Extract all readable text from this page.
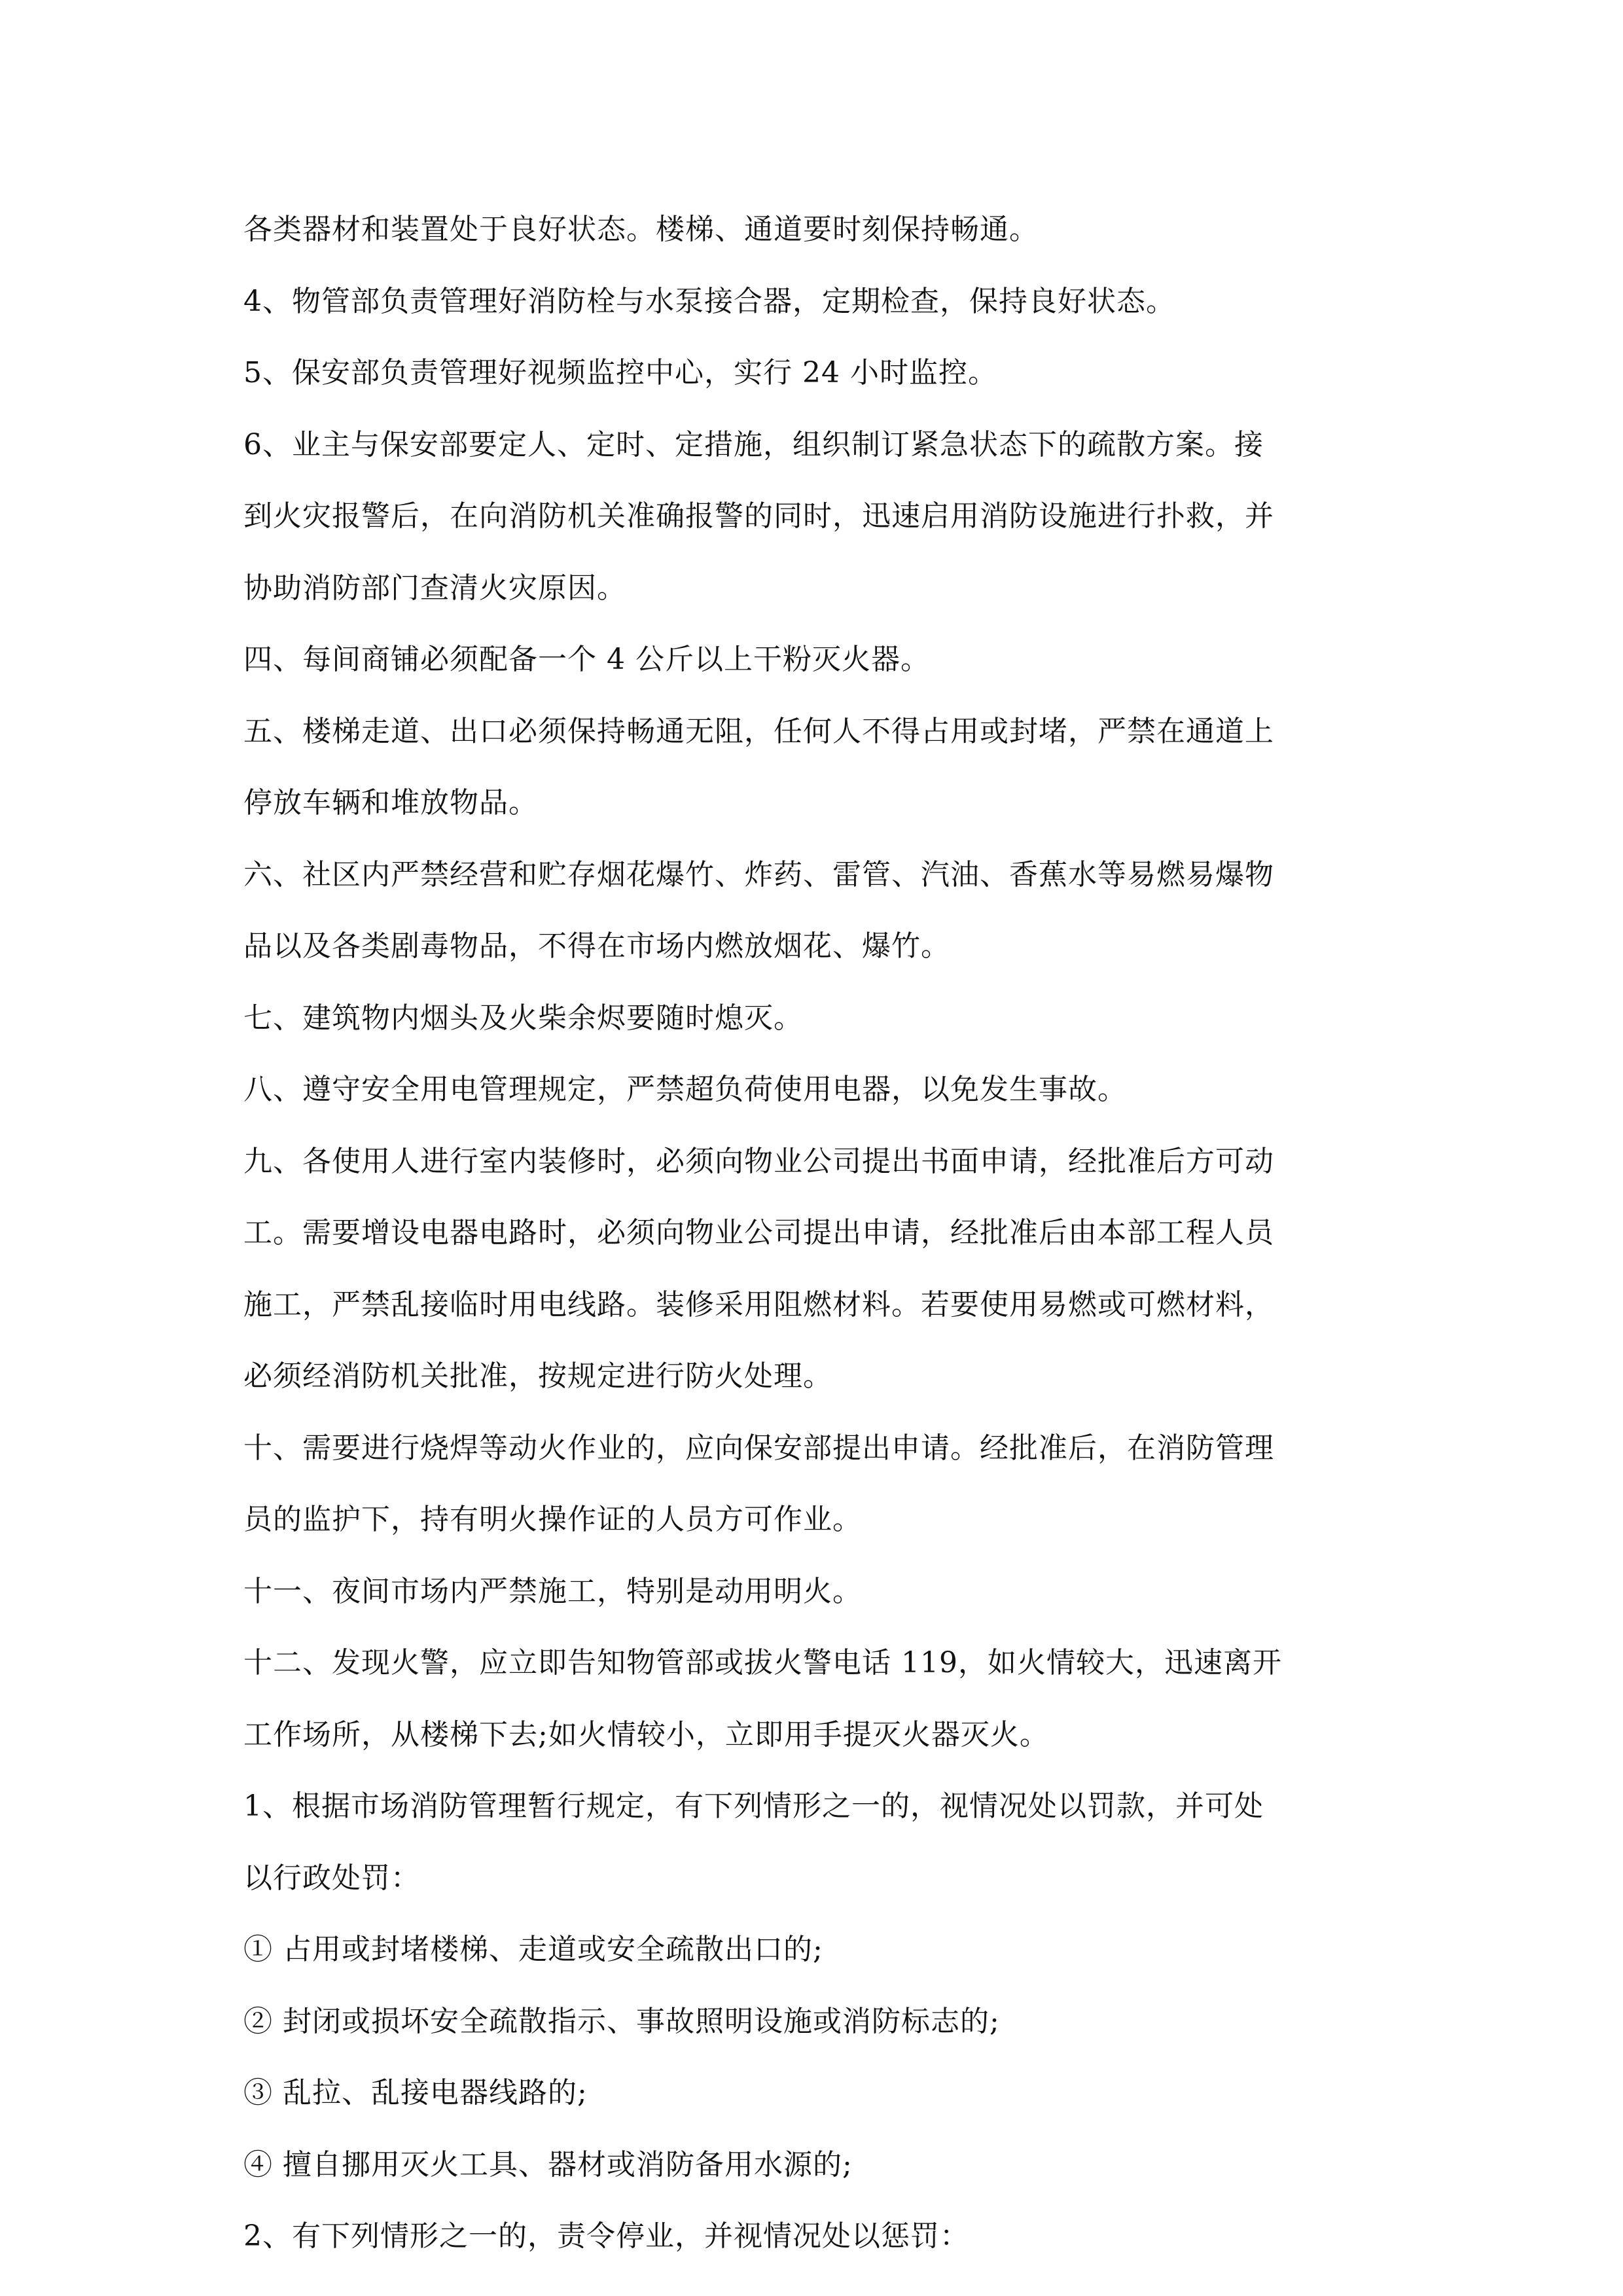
各类器材和装置处于良好状态。楼梯、通道要时刻保持畅通。
4、物管部负责管理好消防栓与水泵接合器，定期检查，保持良好状态。
5、保安部负责管理好视频监控中心，实行 24 小时监控。
6、业主与保安部要定人、定时、定措施，组织制订紧急状态下的疏散方案。接
到火灾报警后，在向消防机关准确报警的同时，迅速启用消防设施进行扑救，并
协助消防部门查清火灾原因。
四、每间商铺必须配备一个 4 公斤以上干粉灭火器。
五、楼梯走道、出口必须保持畅通无阻，任何人不得占用或封堵，严禁在通道上
停放车辆和堆放物品。
六、社区内严禁经营和贮存烟花爆竹、炸药、雷管、汽油、香蕉水等易燃易爆物
品以及各类剧毒物品，不得在市场内燃放烟花、爆竹。
七、建筑物内烟头及火柴余烬要随时熄灭。
八、遵守安全用电管理规定，严禁超负荷使用电器，以免发生事故。
九、各使用人进行室内装修时，必须向物业公司提出书面申请，经批准后方可动
工。需要增设电器电路时，必须向物业公司提出申请，经批准后由本部工程人员
施工，严禁乱接临时用电线路。装修采用阻燃材料。若要使用易燃或可燃材料，
必须经消防机关批准，按规定进行防火处理。
十、需要进行烧焊等动火作业的，应向保安部提出申请。经批准后，在消防管理
员的监护下，持有明火操作证的人员方可作业。
十一、夜间市场内严禁施工，特别是动用明火。
十二、发现火警，应立即告知物管部或拔火警电话 119，如火情较大，迅速离开
工作场所，从楼梯下去;如火情较小，立即用手提灭火器灭火。
1、根据市场消防管理暂行规定，有下列情形之一的，视情况处以罚款，并可处
以行政处罚：
① 占用或封堵楼梯、走道或安全疏散出口的;
② 封闭或损坏安全疏散指示、事故照明设施或消防标志的;
③ 乱拉、乱接电器线路的;
④ 擅自挪用灭火工具、器材或消防备用水源的;
2、有下列情形之一的，责令停业，并视情况处以惩罚：
